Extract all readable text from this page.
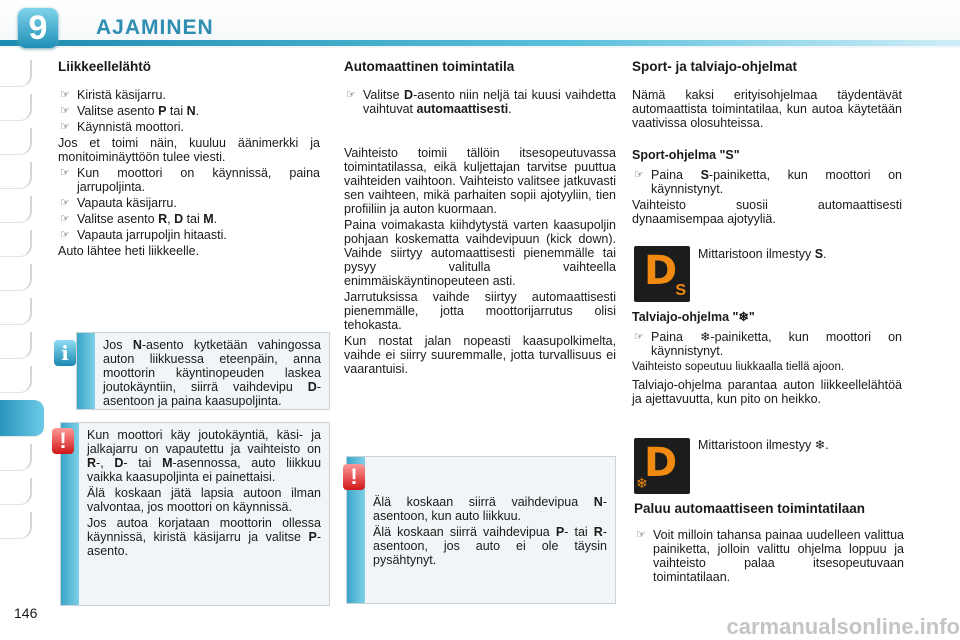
9	AJAMINEN
Liikkeellelähtö
☞ Kiristä käsijarru.
☞ Valitse asento P tai N.
☞ Käynnistä moottori.

Jos et toimi näin, kuuluu äänimerkki ja monitoiminäyttöön tulee viesti.

☞ Kun moottori on käynnissä, paina jarrupoljinta.
☞ Vapauta käsijarru.
☞ Valitse asento R, D tai M.
☞ Vapauta jarrupoljin hitaasti.

Auto lähtee heti liikkeelle.

Jos N-asento kytketään vahingossa auton liikkuessa eteenpäin, anna moottorin käyntinopeuden laskea joutokäyntiin, siirrä vaihdevipu D-asentoon ja paina kaasupoljinta.
i

Kun moottori käy joutokäyntiä, käsi- ja jalkajarru on vapautettu ja vaihteisto on R-, D- tai M-asennossa, auto liikkuu vaikka kaasupoljinta ei painettaisi.

Älä koskaan jätä lapsia autoon ilman valvontaa, jos moottori on käynnissä.

Jos autoa korjataan moottorin ollessa käynnissä, kiristä käsijarru ja valitse P-asento.

!
Automaattinen toimintatila
☞ Valitse D-asento niin neljä tai kuusi vaihdetta vaihtuvat automaattisesti.

Vaihteisto toimii tällöin itsesopeutuvassa toimintatilassa, eikä kuljettajan tarvitse puuttua vaihteiden vaihtoon. Vaihteisto valitsee jatkuvasti sen vaihteen, mikä parhaiten sopii ajotyyliin, tien profiiliin ja auton kuormaan.

Paina voimakasta kiihdytystä varten kaasupoljin pohjaan koskematta vaihdevipuun (kick down). Vaihde siirtyy automaattisesti pienemmälle tai pysyy valitulla vaihteella enimmäiskäyntinopeuteen asti.

Jarrutuksissa vaihde siirtyy automaattisesti pienemmälle, jotta moottorijarrutus olisi tehokasta.

Kun nostat jalan nopeasti kaasupolkimelta, vaihde ei siirry suuremmalle, jotta turvallisuus ei vaarantuisi.

Älä koskaan siirrä vaihdevipua N-asentoon, kun auto liikkuu.

Älä koskaan siirrä vaihdevipua P- tai R-asentoon, jos auto ei ole täysin pysähtynyt.

!
Sport- ja talviajo-ohjelmat

Nämä kaksi erityisohjelmaa täydentävät automaattista toimintatilaa, kun autoa käytetään vaativissa olosuhteissa.

Sport-ohjelma "S"
☞ Paina S-painiketta, kun moottori on käynnistynyt.

Vaihteisto suosii automaattisesti dynaamisempaa ajotyyliä.

D
S
Mittaristoon ilmestyy S.
Talviajo-ohjelma "❄"
☞ Paina ❄-painiketta, kun moottori on käynnistynyt.

Vaihteisto sopeutuu liukkaalla tiellä ajoon.

Talviajo-ohjelma parantaa auton liikkeellelähtöä ja ajettavuutta, kun pito on heikko.

D
❄
Mittaristoon ilmestyy ❄.
Paluu automaattiseen toimintatilaan
☞ Voit milloin tahansa painaa uudelleen valittua painiketta, jolloin valittu ohjelma loppuu ja vaihteisto palaa itsesopeutuvaan toimintatilaan.
146
carmanualsonline.info
